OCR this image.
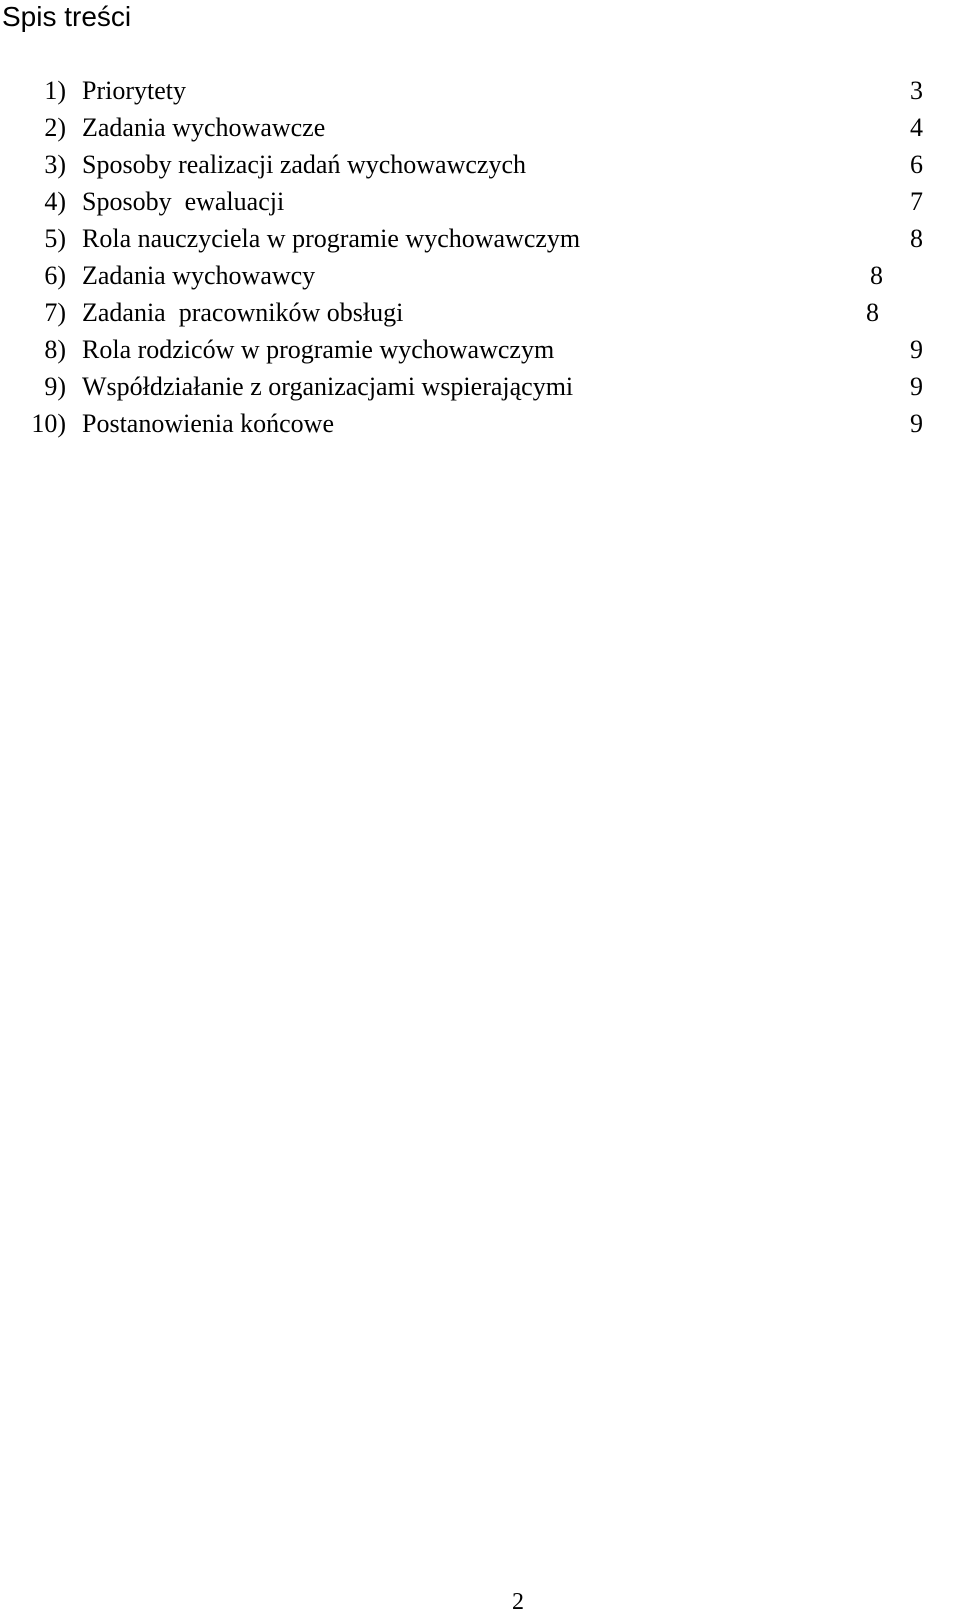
Spis treści
1) Priorytety	3
2) Zadania wychowawcze	4
3) Sposoby realizacji zadań wychowawczych	6
4) Sposoby  ewaluacji	7
5) Rola nauczyciela w programie wychowawczym	8
6) Zadania wychowawcy	8
7) Zadania  pracowników obsługi	8
8) Rola rodziców w programie wychowawczym	9
9) Współdziałanie z organizacjami wspierającymi	9
10) Postanowienia końcowe	9
2
